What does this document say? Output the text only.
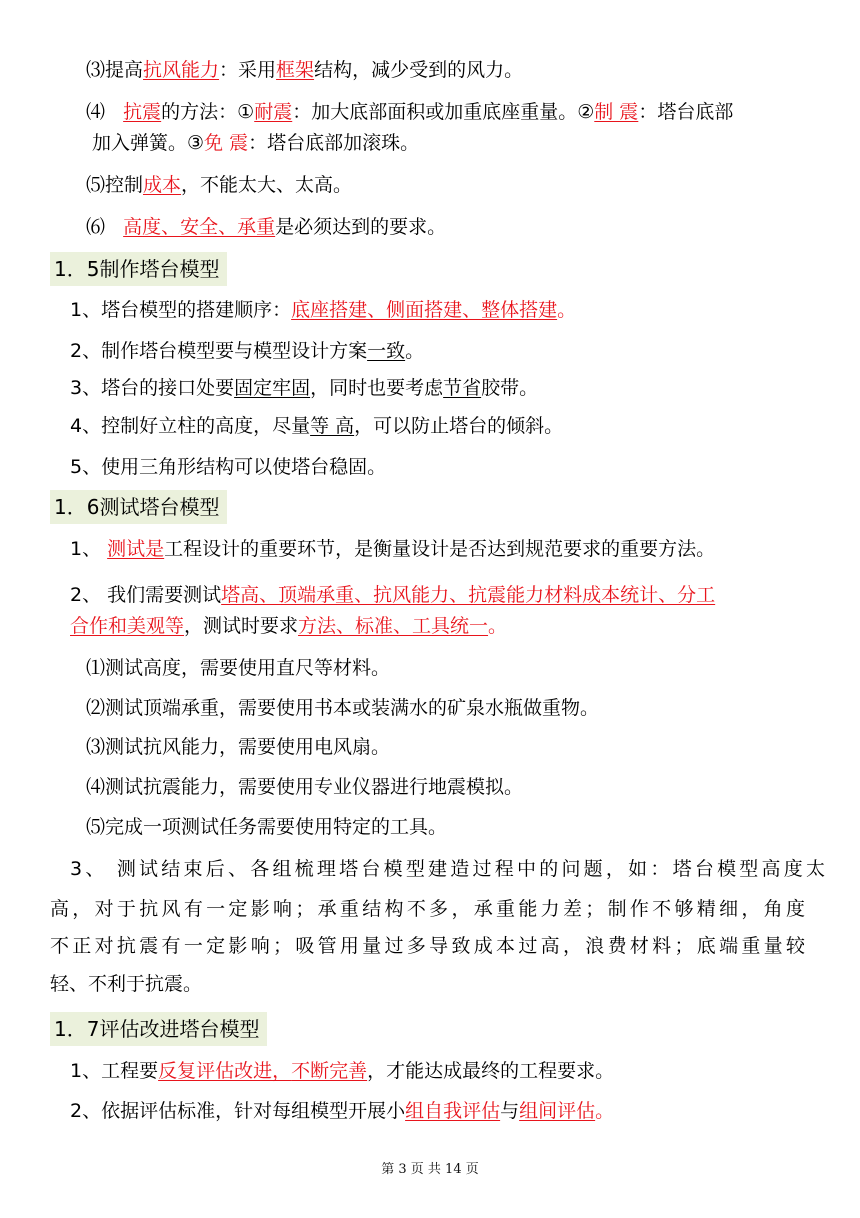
⑶提高抗风能力：采用框架结构，减少受到的风力。
⑷ 抗震的方法：①耐震：加大底部面积或加重底座重量。②制 震：塔台底部
加入弹簧。③免 震：塔台底部加滚珠。
⑸控制成本，不能太大、太高。
⑹ 高度、安全、承重是必须达到的要求。
1．5制作塔台模型
1、塔台模型的搭建顺序：底座搭建、侧面搭建、整体搭建。
2、制作塔台模型要与模型设计方案一致。
3、塔台的接口处要固定牢固，同时也要考虑节省胶带。
4、控制好立柱的高度，尽量等 高，可以防止塔台的倾斜。
5、使用三角形结构可以使塔台稳固。
1．6测试塔台模型
1、 测试是工程设计的重要环节，是衡量设计是否达到规范要求的重要方法。
2、 我们需要测试塔高、顶端承重、抗风能力、抗震能力材料成本统计、分工
合作和美观等，测试时要求方法、标准、工具统一。
⑴测试高度，需要使用直尺等材料。
⑵测试顶端承重，需要使用书本或装满水的矿泉水瓶做重物。
⑶测试抗风能力，需要使用电风扇。
⑷测试抗震能力，需要使用专业仪器进行地震模拟。
⑸完成一项测试任务需要使用特定的工具。
3、 测试结束后、各组梳理塔台模型建造过程中的问题，如：塔台模型高度太
高，对于抗风有一定影响；承重结构不多，承重能力差；制作不够精细，角度
不正对抗震有一定影响；吸管用量过多导致成本过高，浪费材料；底端重量较
轻、不利于抗震。
1．7评估改进塔台模型
1、工程要反复评估改进，不断完善，才能达成最终的工程要求。
2、依据评估标准，针对每组模型开展小组自我评估与组间评估。
第 3 页 共 14 页
